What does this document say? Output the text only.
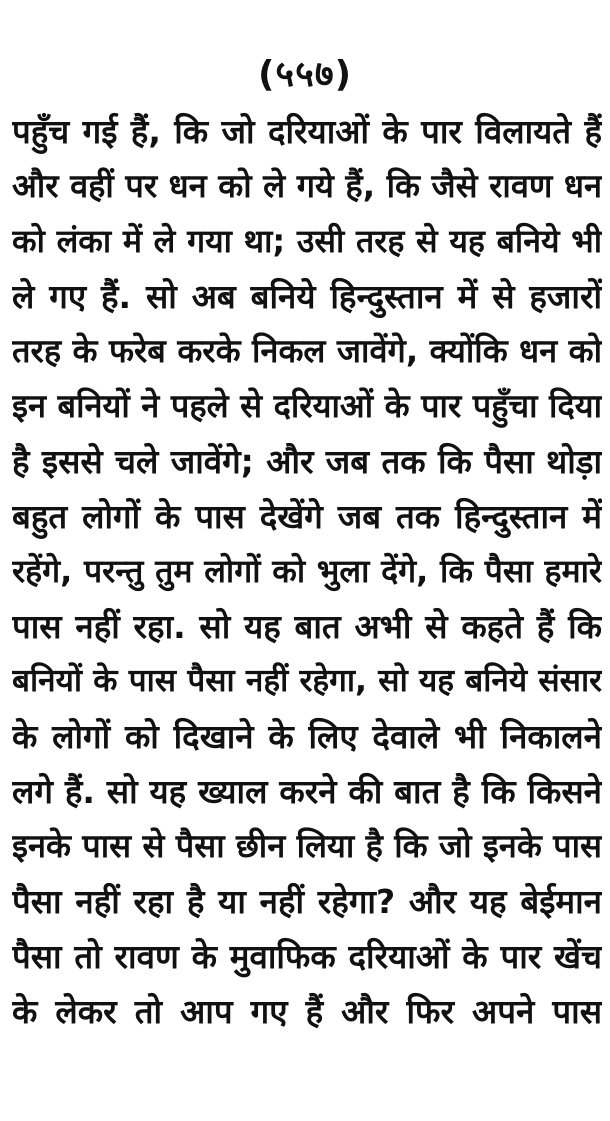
(५५७)
पहुँच गई हैं, कि जो दरियाओं के पार विलायते हैं
और वहीं पर धन को ले गये हैं, कि जैसे रावण धन
को लंका में ले गया था; उसी तरह से यह बनिये भी
ले गए हैं. सो अब बनिये हिन्दुस्तान में से हजारों
तरह के फरेब करके निकल जावेंगे, क्योंकि धन को
इन बनियों ने पहले से दरियाओं के पार पहुँचा दिया
है इससे चले जावेंगे; और जब तक कि पैसा थोड़ा
बहुत लोगों के पास देखेंगे जब तक हिन्दुस्तान में
रहेंगे, परन्तु तुम लोगों को भुला देंगे, कि पैसा हमारे
पास नहीं रहा. सो यह बात अभी से कहते हैं कि
बनियों के पास पैसा नहीं रहेगा, सो यह बनिये संसार
के लोगों को दिखाने के लिए देवाले भी निकालने
लगे हैं. सो यह ख्याल करने की बात है कि किसने
इनके पास से पैसा छीन लिया है कि जो इनके पास
पैसा नहीं रहा है या नहीं रहेगा? और यह बेईमान
पैसा तो रावण के मुवाफिक दरियाओं के पार खेंच
के लेकर तो आप गए हैं और फिर अपने पास
